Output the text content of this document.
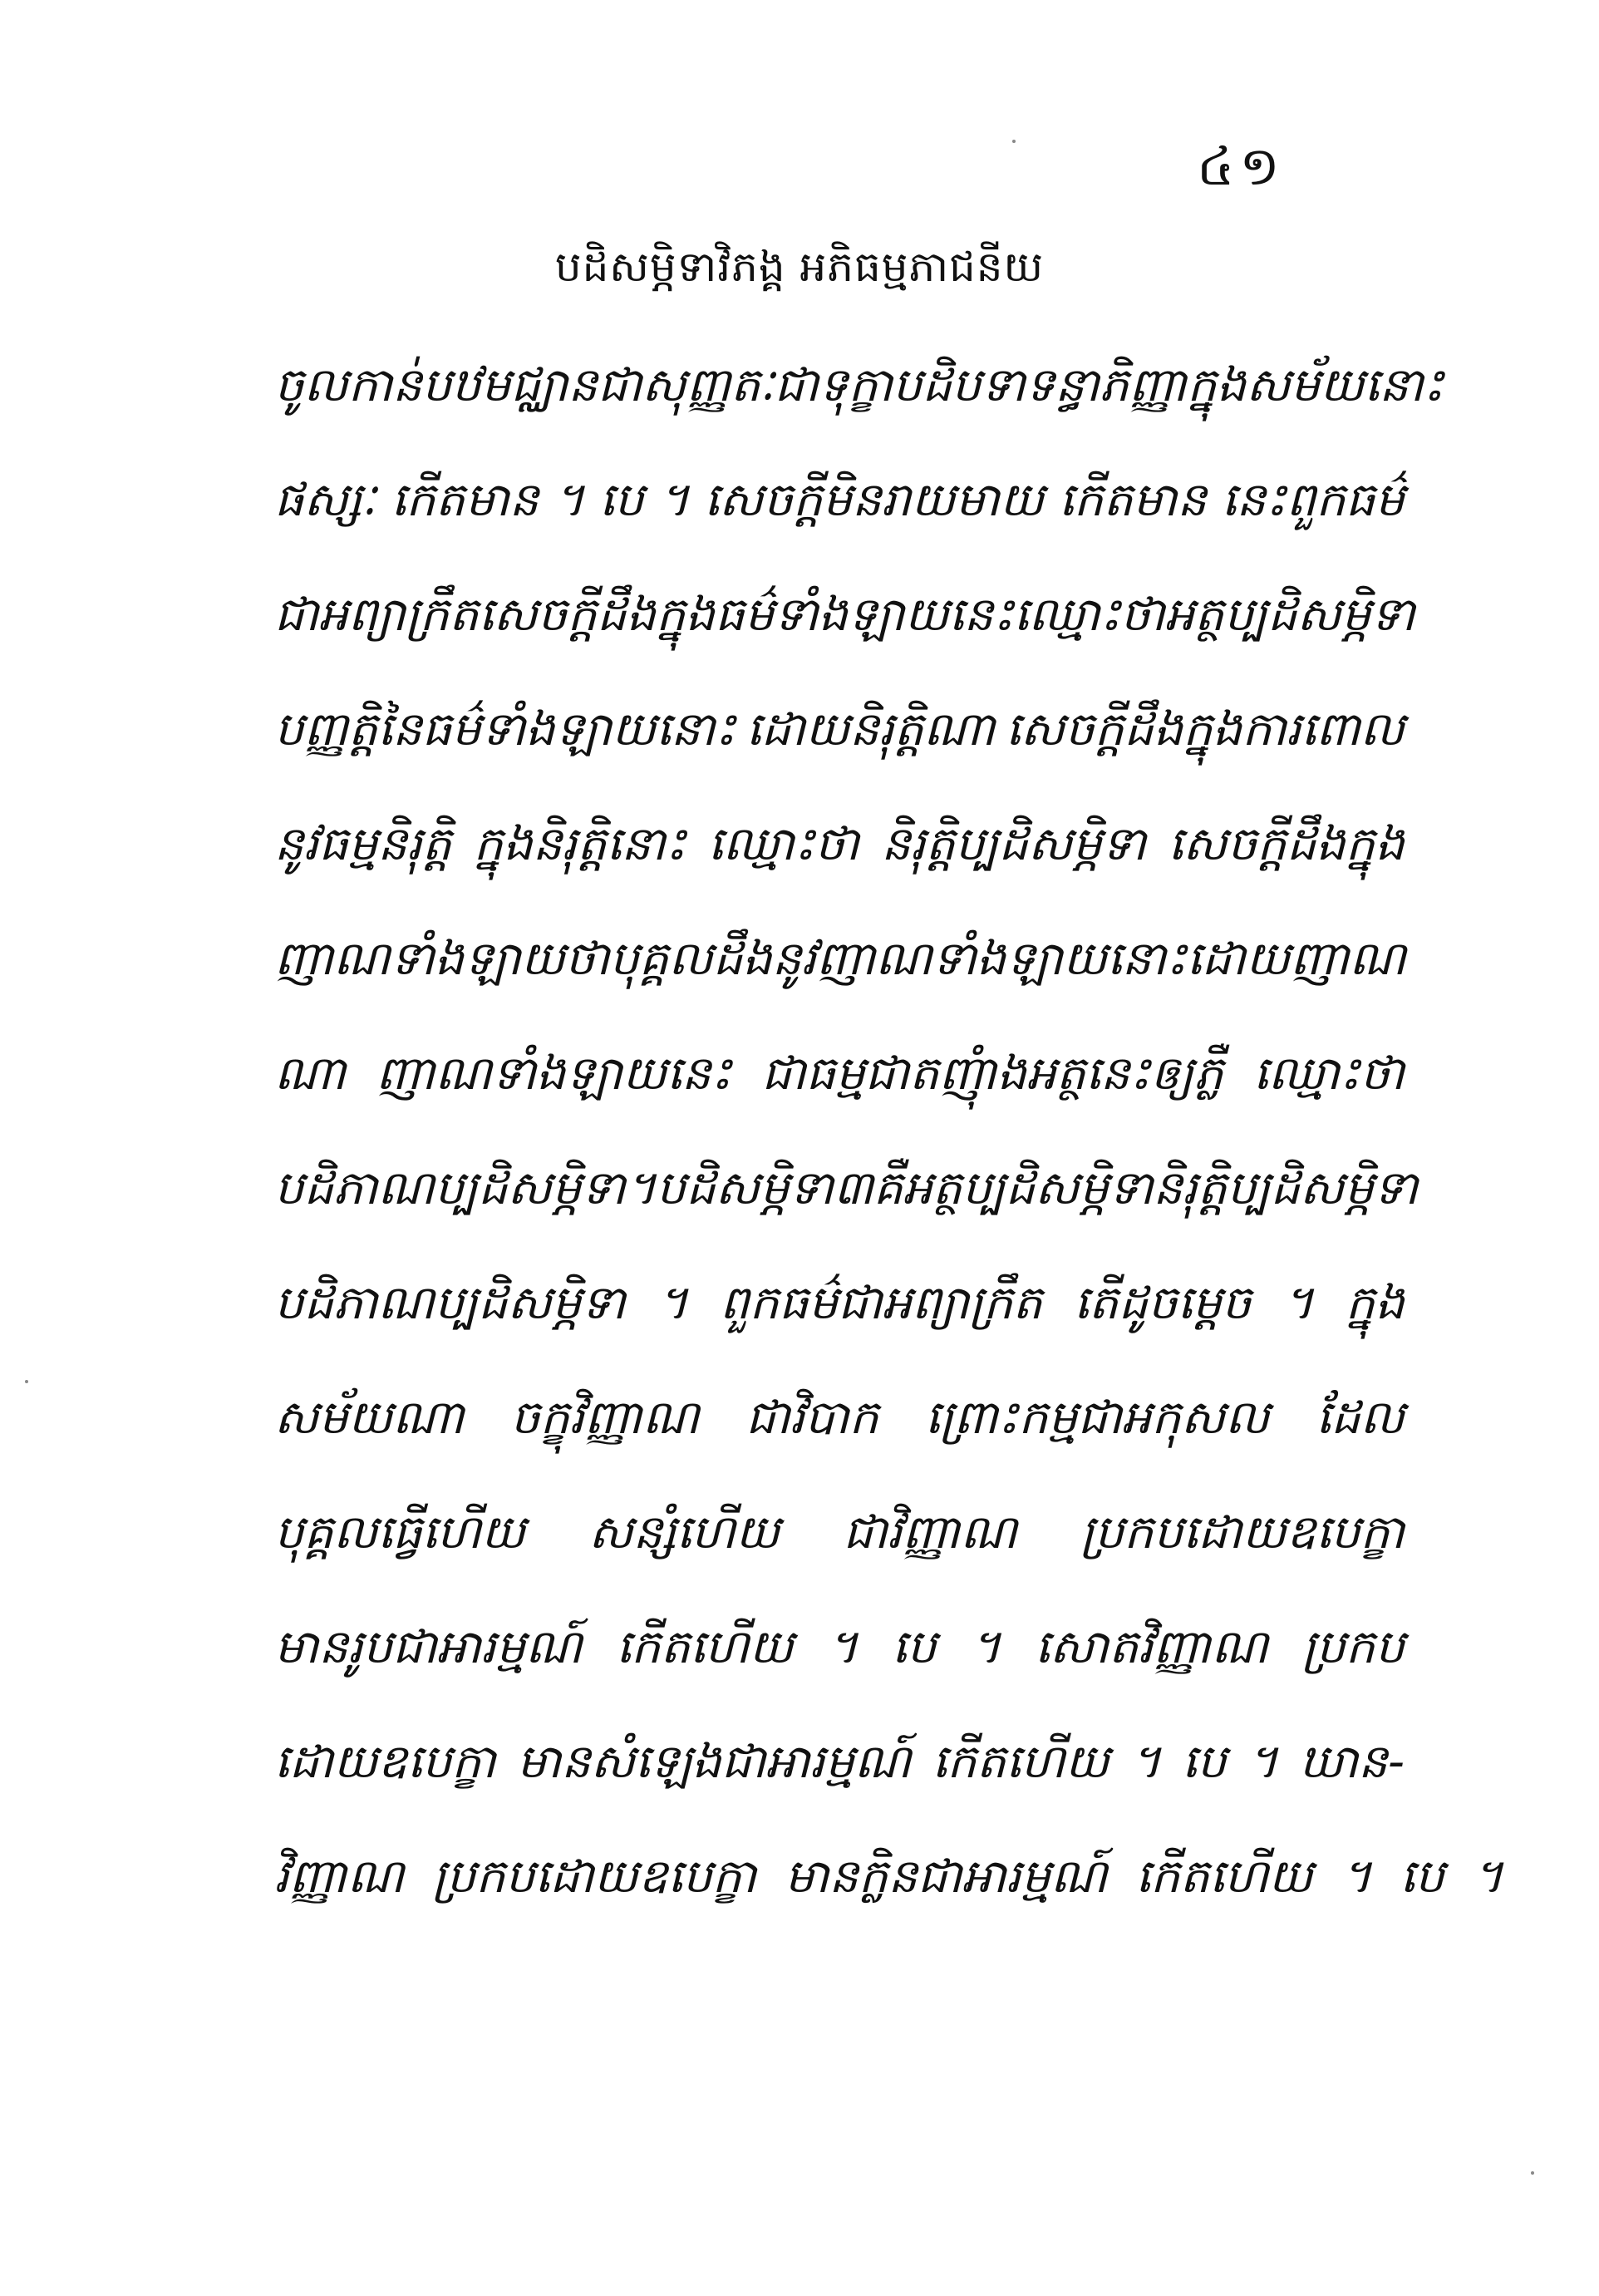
៤១
បដិសម្ភិទាវិភង្គ អភិធម្មភាជនីយ
ចូលកាន់បឋមជ្ឈាន ជាសុញ្ញតៈ ជាទុក្ខាបដិបទាទន្ធាភិញ្ញា ក្នុងសម័យនោះ
ផស្សៈ កើតមាន ។ បេ ។ សេចក្តីមិនរាយមាយ កើតមាន នេះពួកធម៌
ជាអព្យាក្រឹត សេចក្តីដឹងក្នុងធម៌ទាំងឡាយនេះ ឈ្មោះថា អត្ថប្បដិសម្ភិទា
បញ្ញត្តិនៃធម៌ទាំងឡាយនោះ ដោយនិរុត្តិណា សេចក្តីដឹងក្នុងការពោល
នូវធម្មនិរុត្តិ ក្នុងនិរុត្តិនោះ ឈ្មោះថា និរុត្តិប្បដិសម្ភិទា សេចក្តីដឹងក្នុង
ញាណទាំងឡាយថា បុគ្គលដឹងនូវញាណទាំងឡាយនោះ ដោយញាណ
ណា ញាណទាំងឡាយនេះ ជាធម្មជាតញុំាងអត្ថនេះឲ្យភ្លឺ ឈ្មោះថា
បដិភាណប្បដិសម្ភិទា ។ បដិសម្ភិទា៣គឺ អត្ថប្បដិសម្ភិទា និរុត្តិប្បដិសម្ភិទា
បដិភាណប្បដិសម្ភិទា ។ ពួកធម៌ជាអព្យាក្រឹត តើដូចម្តេច ។ ក្នុង
សម័យណា ចក្ខុវិញ្ញាណ ជាវិបាក ព្រោះកម្មជាអកុសល ដែល
បុគ្គលធ្វើហើយ សន្សំហើយ ជាវិញ្ញាណ ប្រកបដោយឧបេក្ខា
មានរូបជាអារម្មណ៍ កើតហើយ ។ បេ ។ សោតវិញ្ញាណ ប្រកប
ដោយឧបេក្ខា មានសំឡេងជាអារម្មណ៍ កើតហើយ ។ បេ ។ ឃាន-
វិញ្ញាណ ប្រកបដោយឧបេក្ខា មានក្លិនជាអារម្មណ៍ កើតហើយ ។ បេ ។
